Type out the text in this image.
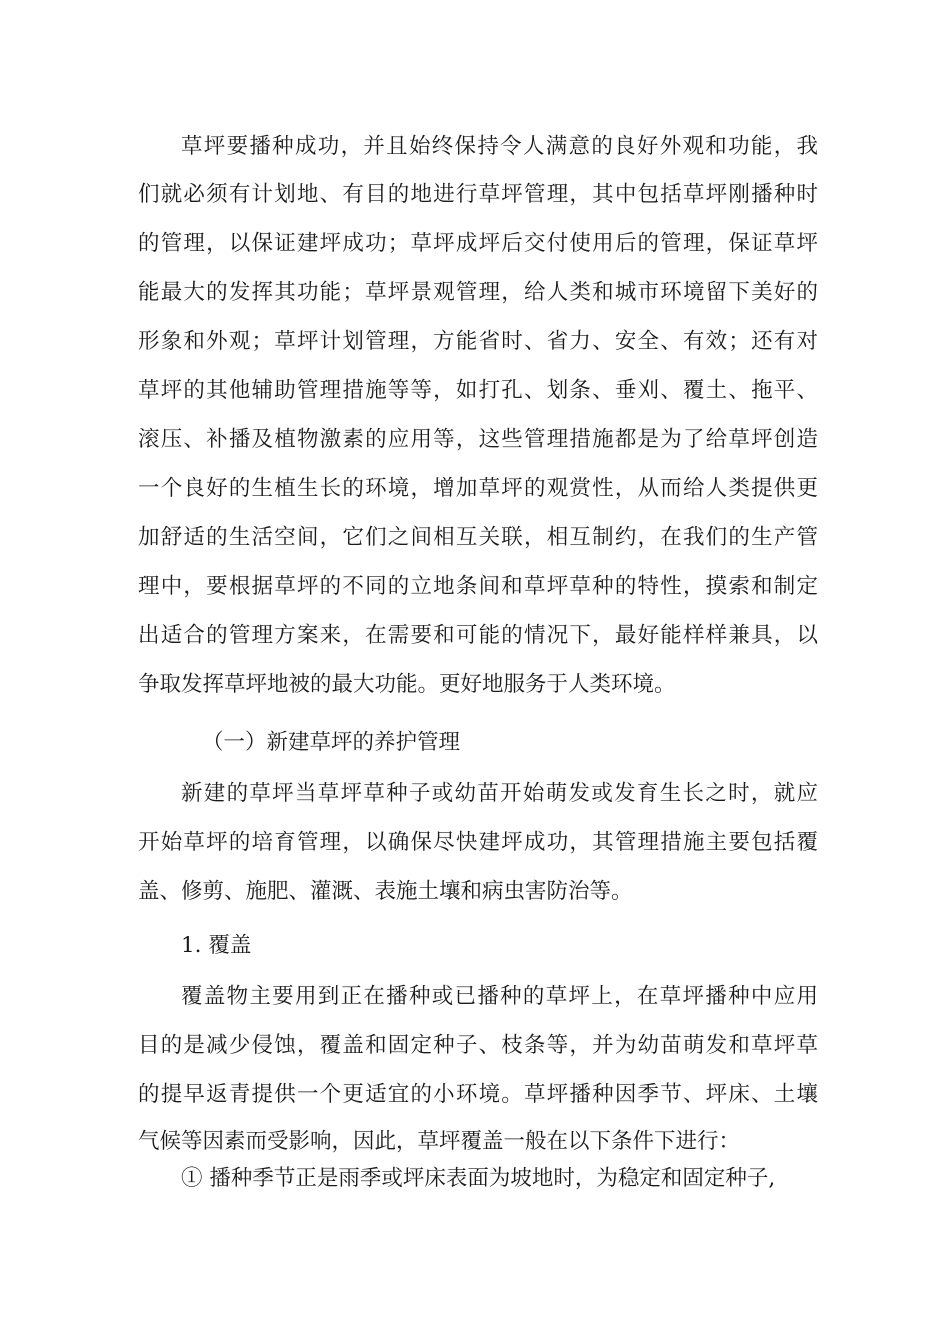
草坪要播种成功，并且始终保持令人满意的良好外观和功能，我
们就必须有计划地、有目的地进行草坪管理，其中包括草坪刚播种时
的管理，以保证建坪成功；草坪成坪后交付使用后的管理，保证草坪
能最大的发挥其功能；草坪景观管理，给人类和城市环境留下美好的
形象和外观；草坪计划管理，方能省时、省力、安全、有效；还有对
草坪的其他辅助管理措施等等，如打孔、划条、垂刈、覆土、拖平、
滚压、补播及植物激素的应用等，这些管理措施都是为了给草坪创造
一个良好的生植生长的环境，增加草坪的观赏性，从而给人类提供更
加舒适的生活空间，它们之间相互关联，相互制约，在我们的生产管
理中，要根据草坪的不同的立地条间和草坪草种的特性，摸索和制定
出适合的管理方案来，在需要和可能的情况下，最好能样样兼具，以
争取发挥草坪地被的最大功能。更好地服务于人类环境。
（一）新建草坪的养护管理
新建的草坪当草坪草种子或幼苗开始萌发或发育生长之时，就应
开始草坪的培育管理，以确保尽快建坪成功，其管理措施主要包括覆
盖、修剪、施肥、灌溉、表施土壤和病虫害防治等。
1. 覆盖
覆盖物主要用到正在播种或已播种的草坪上，在草坪播种中应用
目的是减少侵蚀，覆盖和固定种子、枝条等，并为幼苗萌发和草坪草
的提早返青提供一个更适宜的小环境。草坪播种因季节、坪床、土壤
气候等因素而受影响，因此，草坪覆盖一般在以下条件下进行：
① 播种季节正是雨季或坪床表面为坡地时，为稳定和固定种子,
